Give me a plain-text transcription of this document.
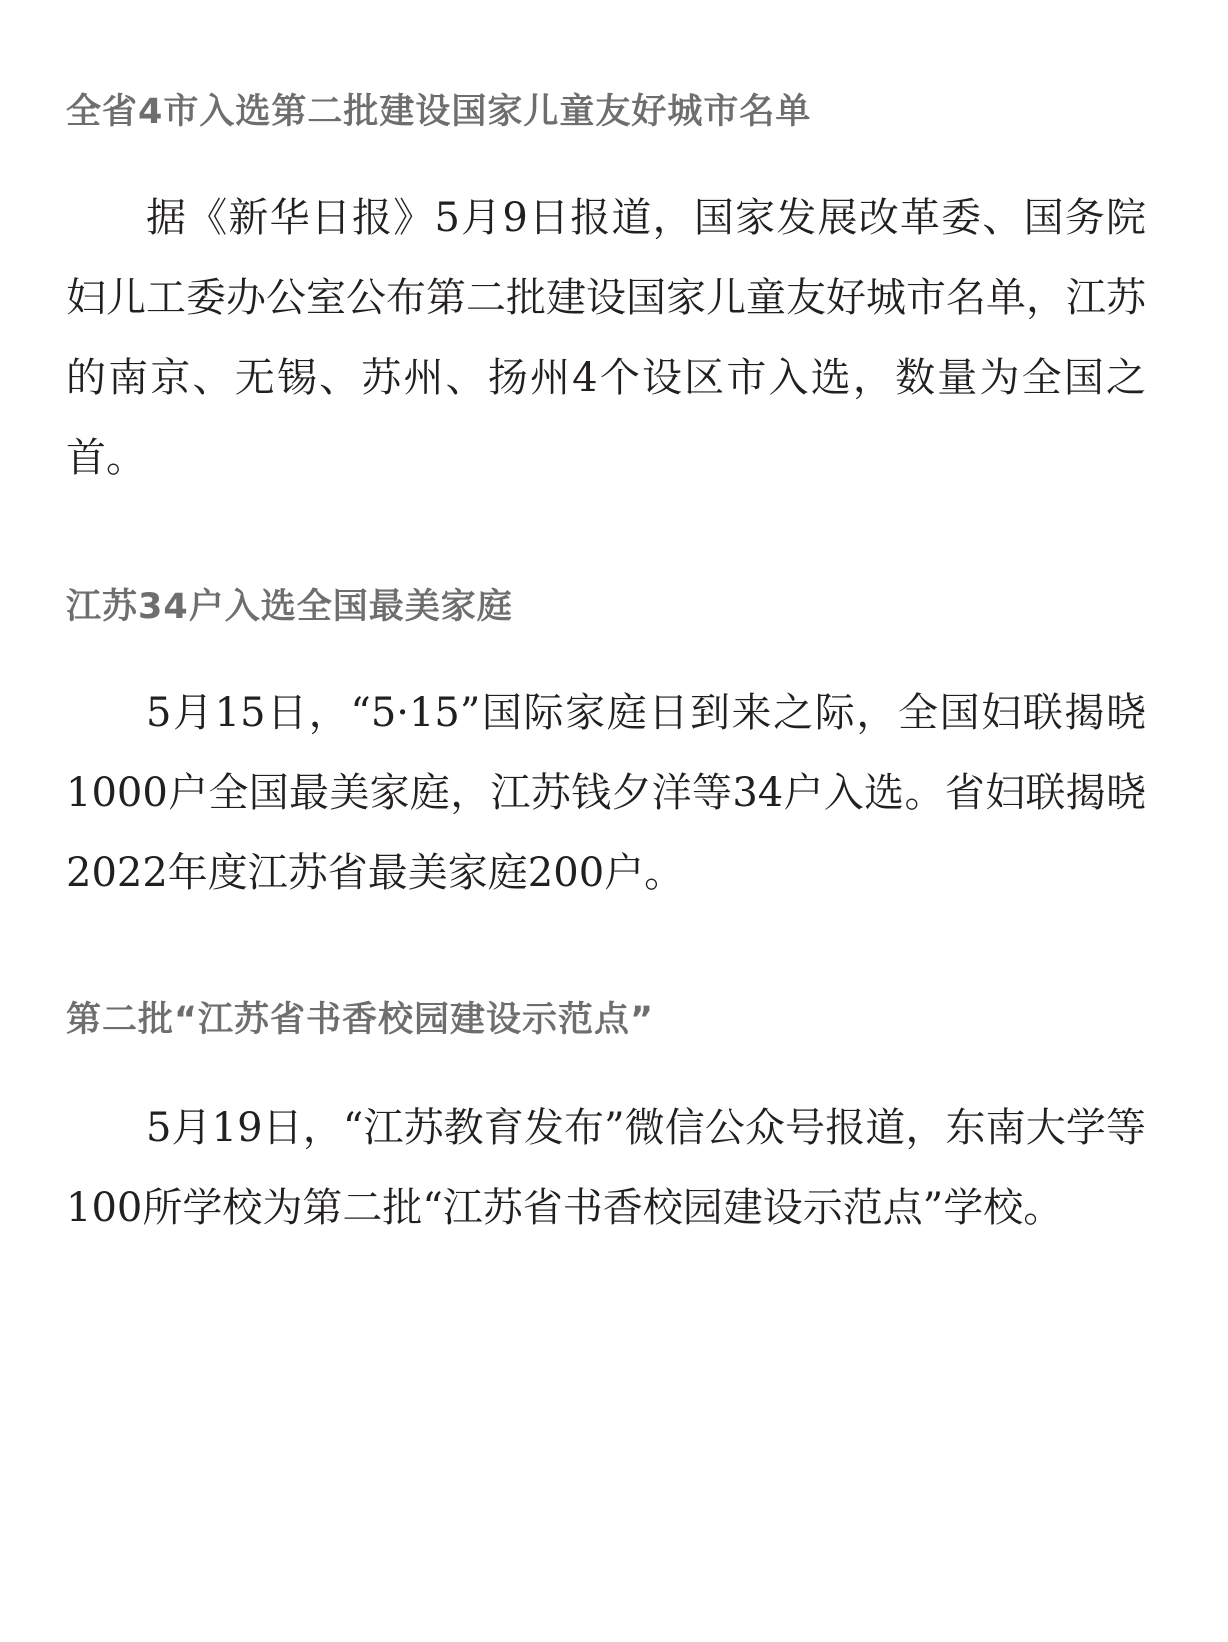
全省4市入选第二批建设国家儿童友好城市名单

据《新华日报》5月9日报道，国家发展改革委、国务院妇儿工委办公室公布第二批建设国家儿童友好城市名单，江苏的南京、无锡、苏州、扬州4个设区市入选，数量为全国之首。

江苏34户入选全国最美家庭

5月15日，“5·15”国际家庭日到来之际，全国妇联揭晓1000户全国最美家庭，江苏钱夕洋等34户入选。省妇联揭晓2022年度江苏省最美家庭200户。

第二批“江苏省书香校园建设示范点”

5月19日，“江苏教育发布”微信公众号报道，东南大学等100所学校为第二批“江苏省书香校园建设示范点”学校。
